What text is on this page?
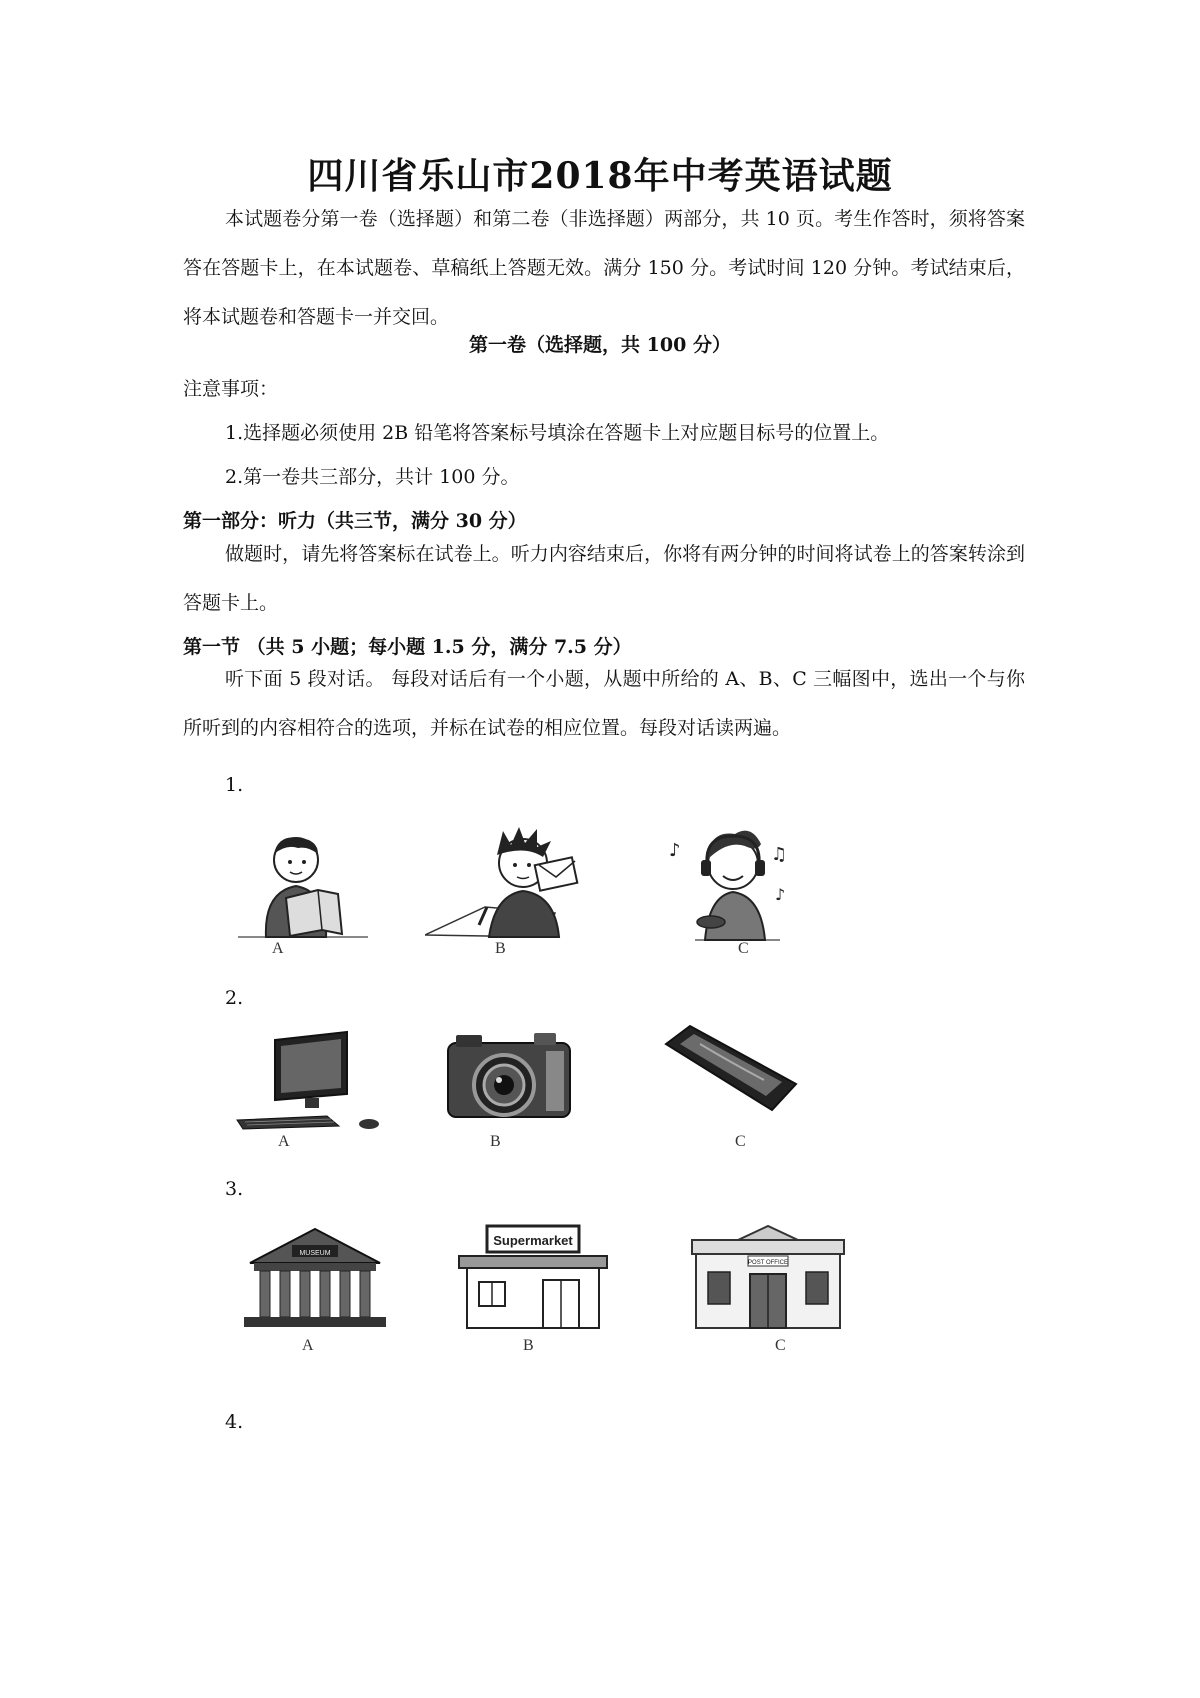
四川省乐山市2018年中考英语试题

本试题卷分第一卷（选择题）和第二卷（非选择题）两部分，共 10 页。考生作答时，须将答案答在答题卡上，在本试题卷、草稿纸上答题无效。满分 150 分。考试时间 120 分钟。考试结束后，将本试题卷和答题卡一并交回。

第一卷（选择题，共 100 分）
注意事项：
1.选择题必须使用 2B 铅笔将答案标号填涂在答题卡上对应题目标号的位置上。
2.第一卷共三部分，共计 100 分。
第一部分：听力（共三节，满分 30 分）

做题时，请先将答案标在试卷上。听力内容结束后，你将有两分钟的时间将试卷上的答案转涂到答题卡上。

第一节 （共 5 小题；每小题 1.5 分，满分 7.5 分）

听下面 5 段对话。 每段对话后有一个小题，从题中所给的 A、B、C 三幅图中，选出一个与你所听到的内容相符合的选项，并标在试卷的相应位置。每段对话读两遍。

1.
♪	♫
♪
A	B	C
2.
A	B	C
3.
MUSEUM
Supermarket
POST OFFICE
A	B	C
4.
